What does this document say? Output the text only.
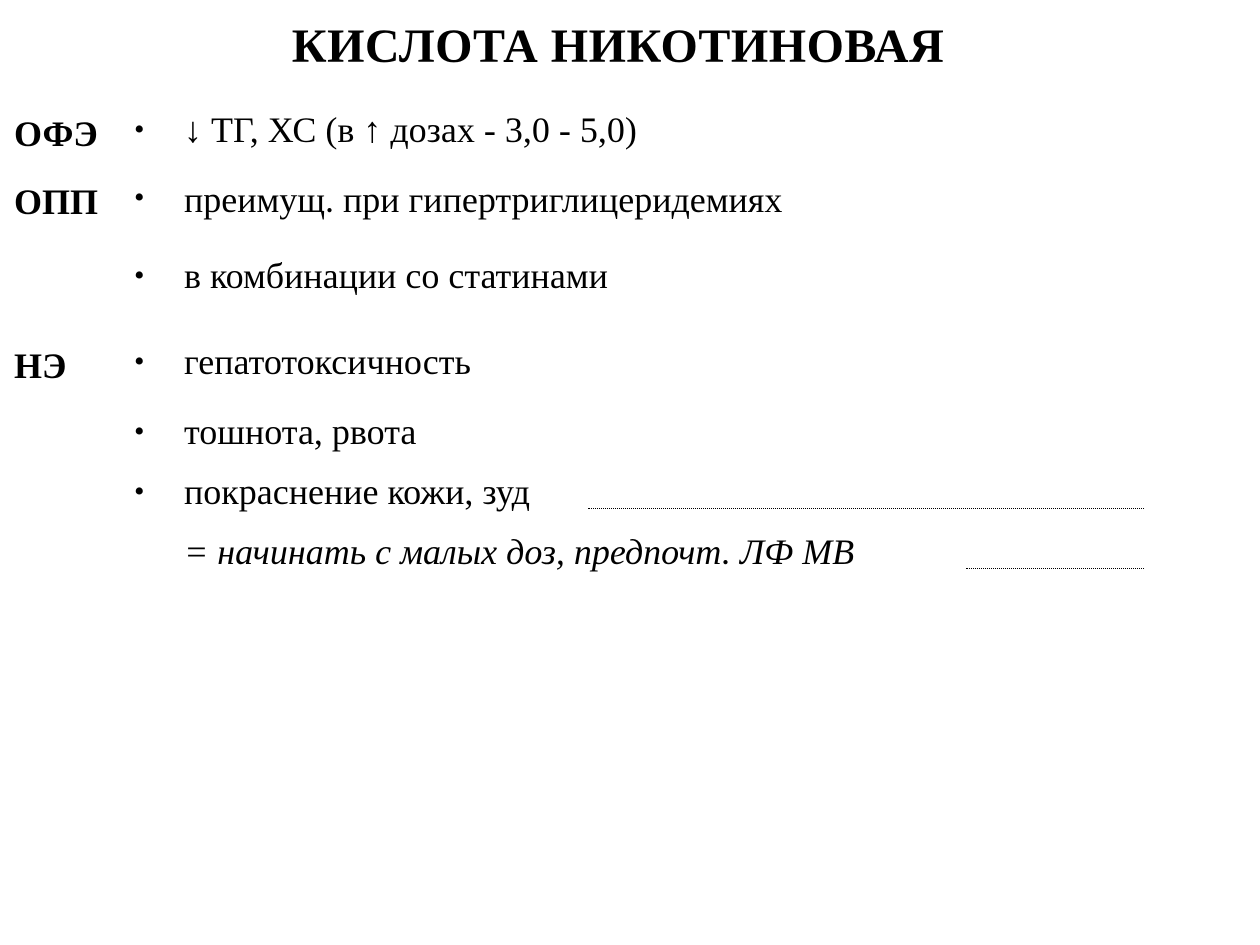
КИСЛОТА НИКОТИНОВАЯ
ОФЭ • ↓ ТГ, ХС (в ↑ дозах - 3,0 - 5,0)
ОПП • преимущ. при гипертриглицеридемиях
• в комбинации со статинами
НЭ • гепатотоксичность
• тошнота, рвота
• покраснение кожи, зуд
= начинать с малых доз, предпочт. ЛФ МВ
